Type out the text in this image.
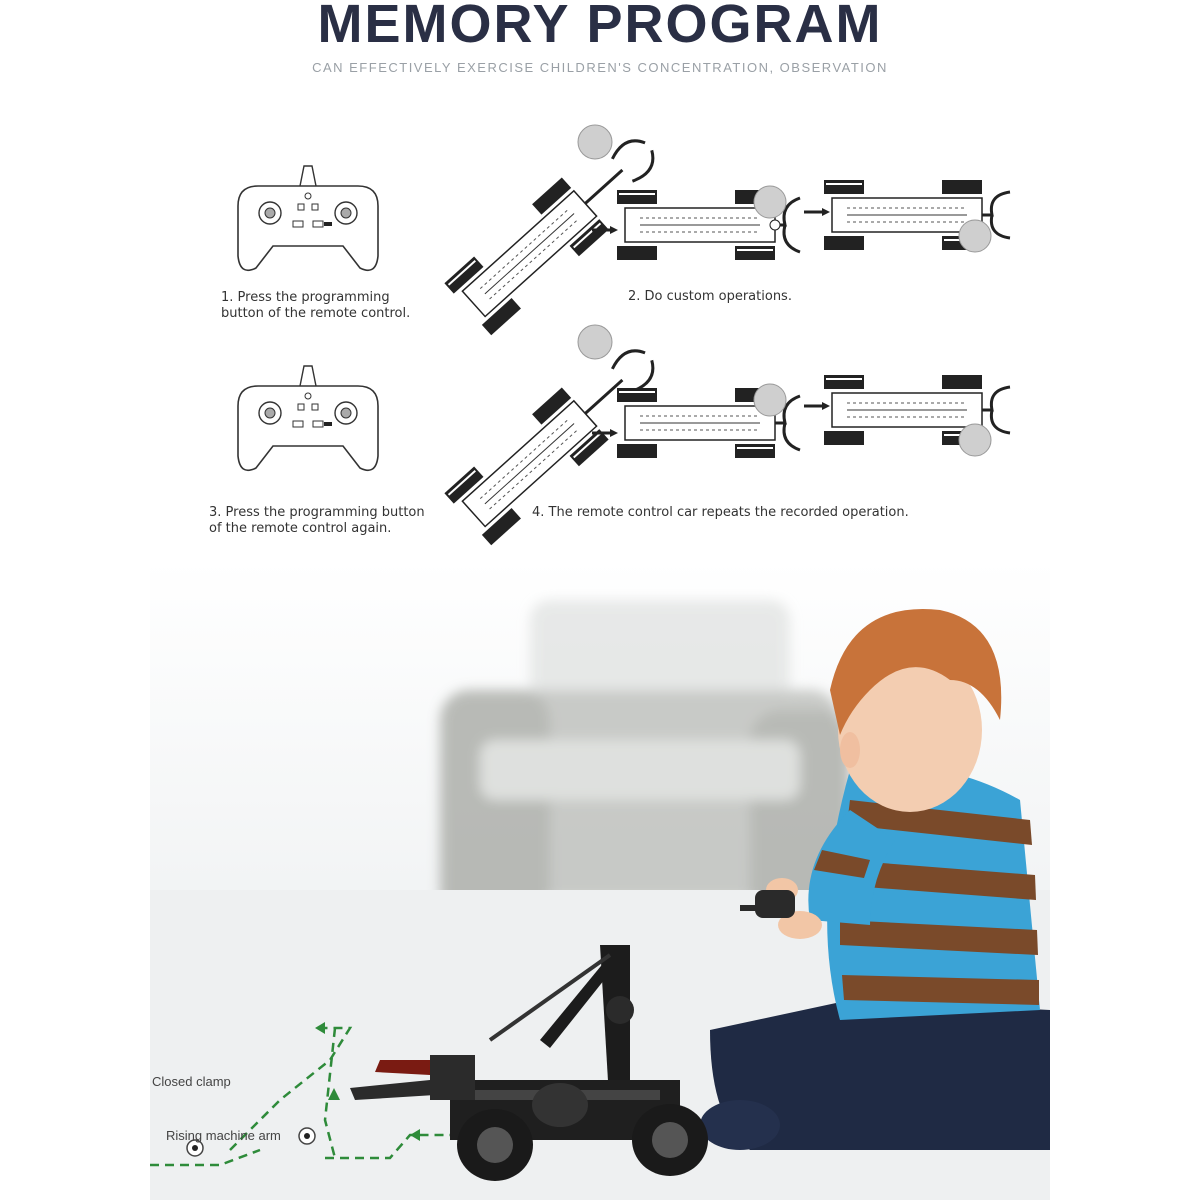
MEMORY PROGRAM
CAN EFFECTIVELY EXERCISE CHILDREN'S CONCENTRATION, OBSERVATION
1. Press the programming
button of the remote control.
2. Do custom operations.
3. Press the programming button
of the remote control again.
4. The remote control car repeats the recorded operation.
Closed clamp
Rising machine arm
